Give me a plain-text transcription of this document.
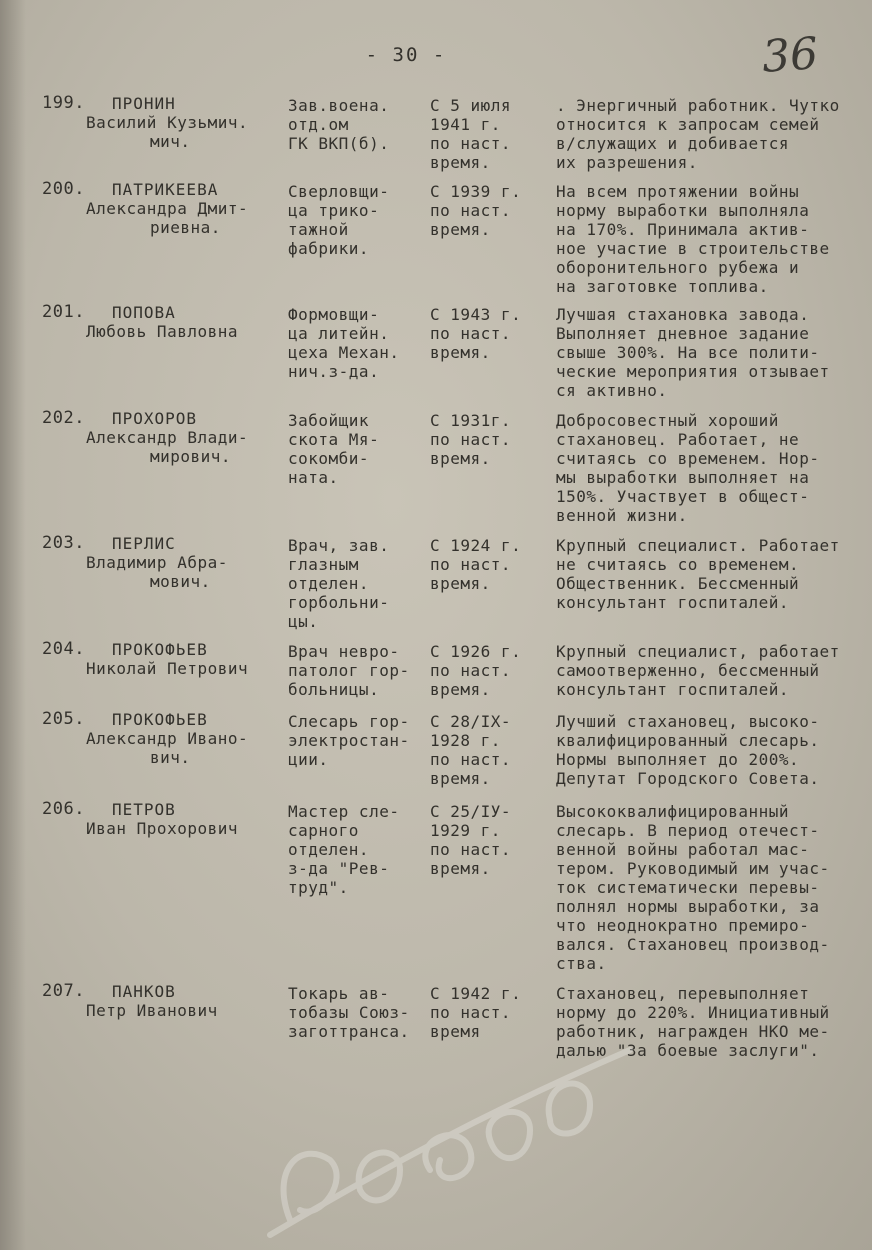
- 30 -	36
199. ПРОНИН
Василий Кузьмич.
мич.
Зав.воена.
отд.ом
ГК ВКП(б).
С 5 июля
1941 г.
по наст.
время.
. Энергичный работник. Чутко
относится к запросам семей
в/служащих и добивается
их разрешения.
200. ПАТРИКЕЕВА
Александра Дмит-
риевна.
Сверловщи-
ца трико-
тажной
фабрики.
С 1939 г.
по наст.
время.
На всем протяжении войны
норму выработки выполняла
на 170%. Принимала актив-
ное участие в строительстве
оборонительного рубежа и
на заготовке топлива.
201. ПОПОВА
Любовь Павловна
Формовщи-
ца литейн.
цеха Механ.
нич.з-да.
С 1943 г.
по наст.
время.
Лучшая стахановка завода.
Выполняет дневное задание
свыше 300%. На все полити-
ческие мероприятия отзывает
ся активно.
202. ПРОХОРОВ
Александр Влади-
мирович.
Забойщик
скота Мя-
сокомби-
ната.
С 1931г.
по наст.
время.
Добросовестный хороший
стахановец. Работает, не
считаясь со временем. Нор-
мы выработки выполняет на
150%. Участвует в общест-
венной жизни.
203. ПЕРЛИС
Владимир Абра-
мович.
Врач, зав.
глазным
отделен.
горбольни-
цы.
С 1924 г.
по наст.
время.
Крупный специалист. Работает
не считаясь со временем.
Общественник. Бессменный
консультант госпиталей.
204. ПРОКОФЬЕВ
Николай Петрович
Врач невро-
патолог гор-
больницы.
С 1926 г.
по наст.
время.
Крупный специалист, работает
самоотверженно, бессменный
консультант госпиталей.
205. ПРОКОФЬЕВ
Александр Ивано-
вич.
Слесарь гор-
электростан-
ции.
С 28/IX-
1928 г.
по наст.
время.
Лучший стахановец, высоко-
квалифицированный слесарь.
Нормы выполняет до 200%.
Депутат Городского Совета.
206. ПЕТРОВ
Иван Прохорович
Мастер сле-
сарного
отделен.
з-да "Рев-
труд".
С 25/IУ-
1929 г.
по наст.
время.
Высококвалифицированный
слесарь. В период отечест-
венной войны работал мас-
тером. Руководимый им учас-
ток систематически перевы-
полнял нормы выработки, за
что неоднократно премиро-
вался. Стахановец производ-
ства.
207. ПАНКОВ
Петр Иванович
Токарь ав-
тобазы Союз-
заготтранса.
С 1942 г.
по наст.
время
Стахановец, перевыполняет
норму до 220%. Инициативный
работник, награжден НКО ме-
далью "За боевые заслуги".
